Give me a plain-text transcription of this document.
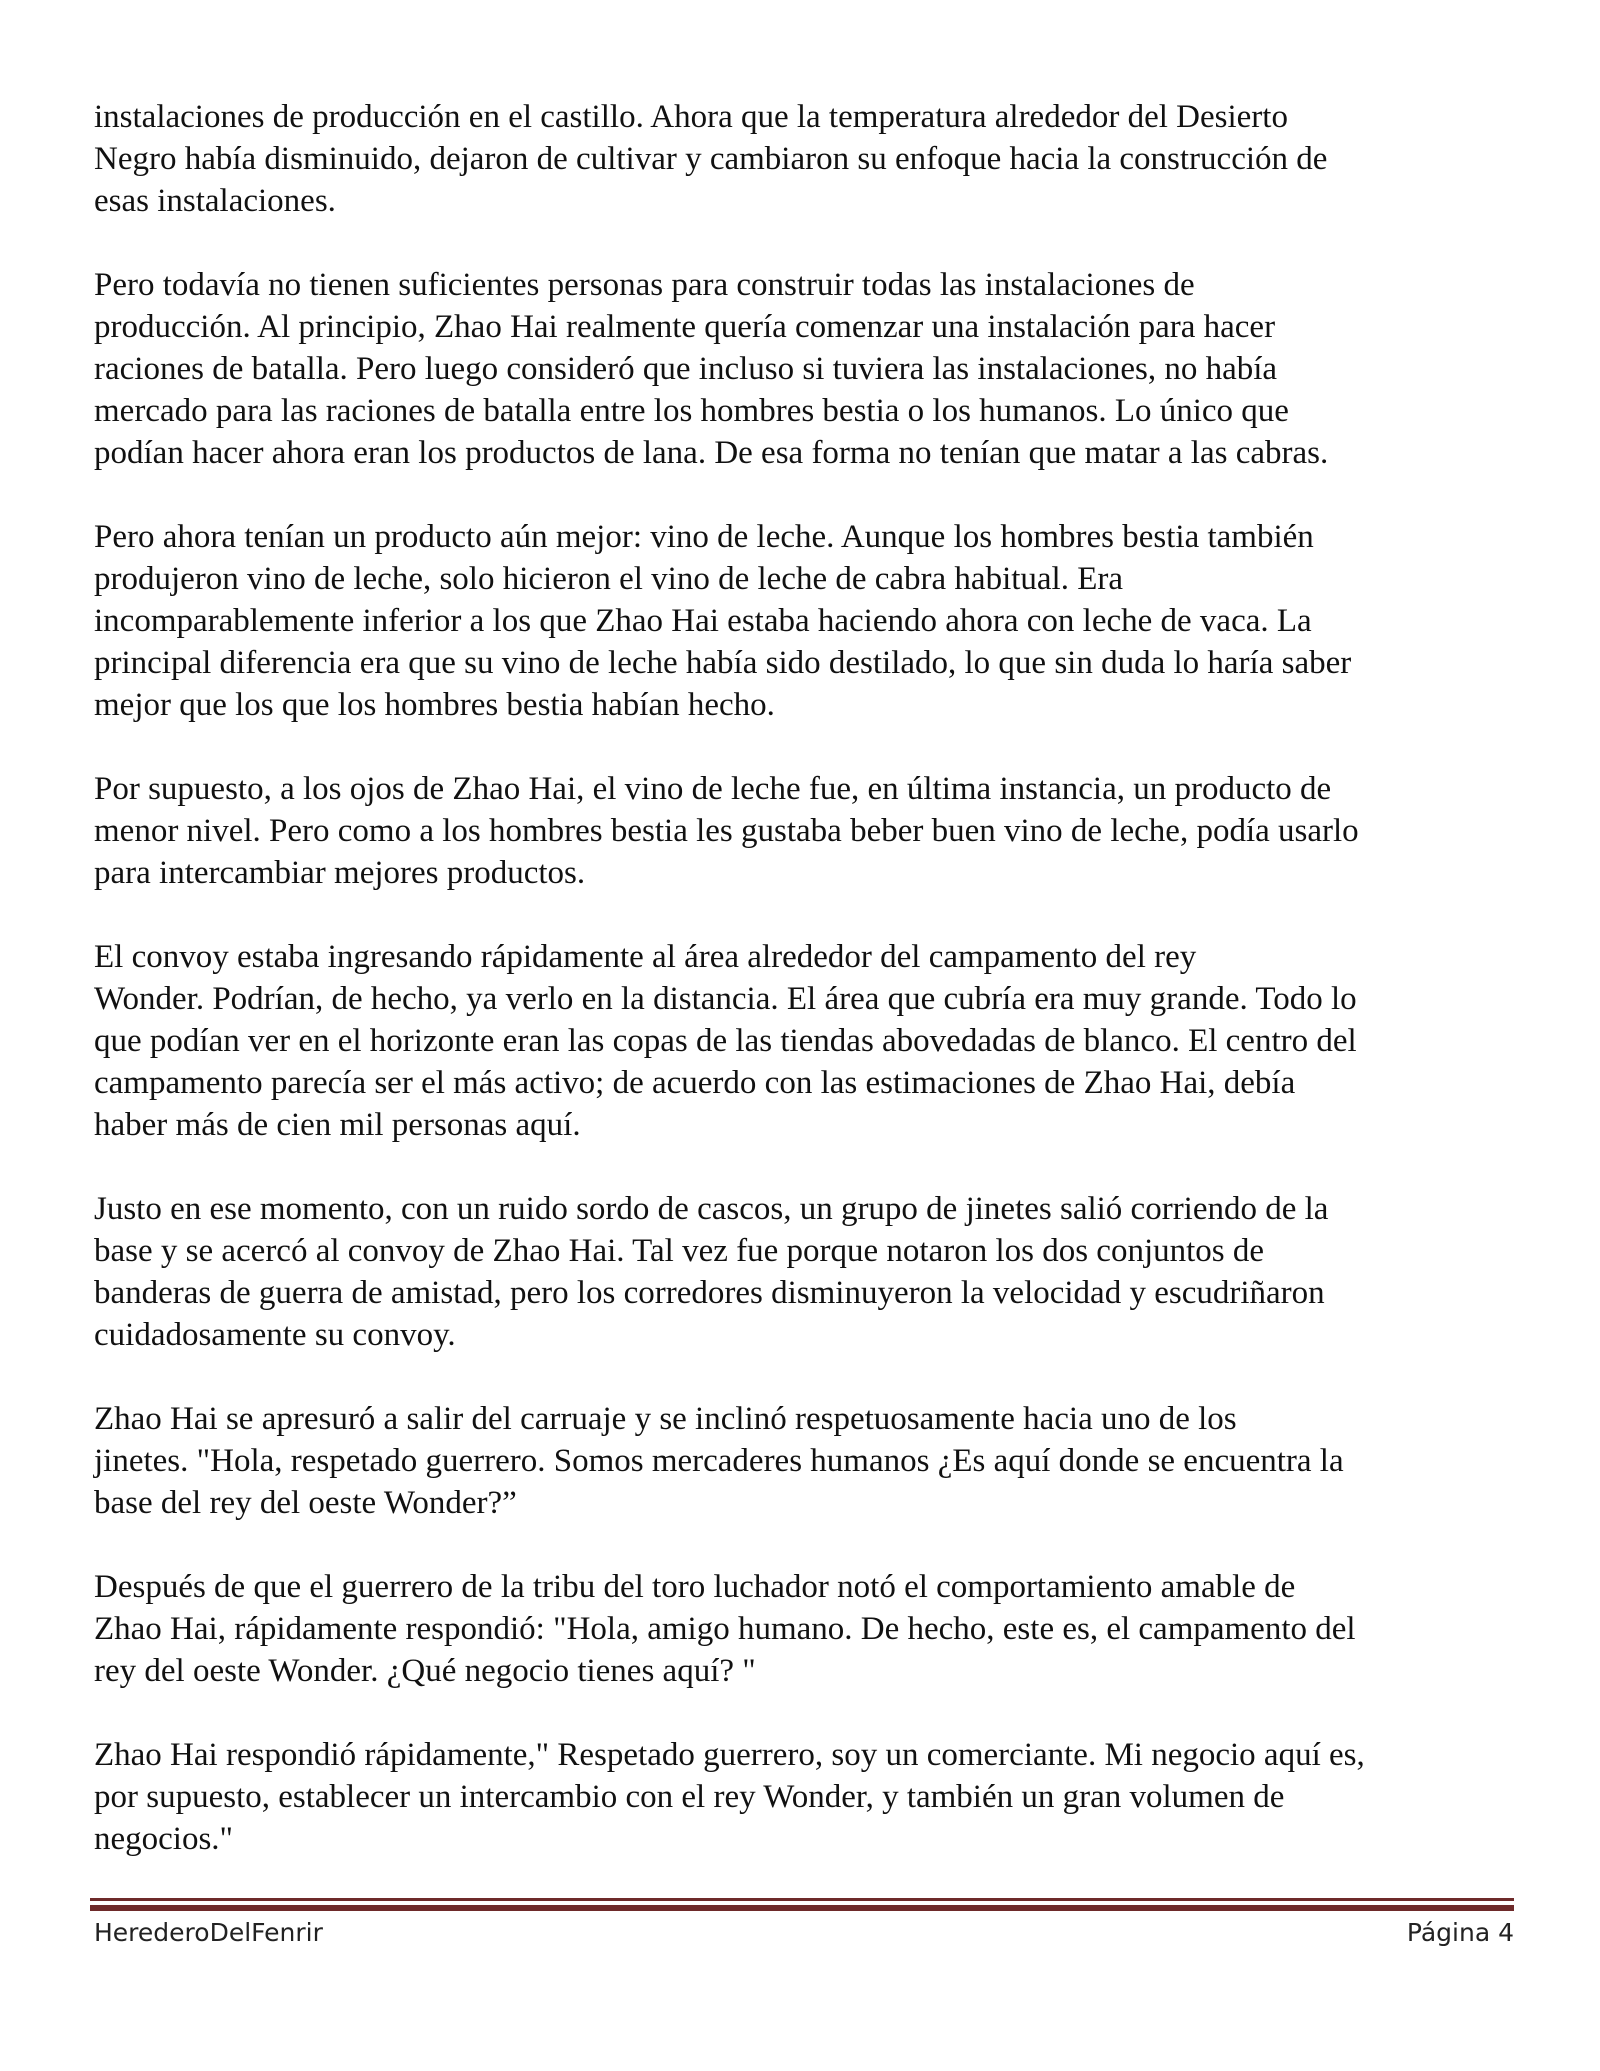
instalaciones de producción en el castillo. Ahora que la temperatura alrededor del Desierto
Negro había disminuido, dejaron de cultivar y cambiaron su enfoque hacia la construcción de
esas instalaciones.

Pero todavía no tienen suficientes personas para construir todas las instalaciones de
producción. Al principio, Zhao Hai realmente quería comenzar una instalación para hacer
raciones de batalla. Pero luego consideró que incluso si tuviera las instalaciones, no había
mercado para las raciones de batalla entre los hombres bestia o los humanos. Lo único que
podían hacer ahora eran los productos de lana. De esa forma no tenían que matar a las cabras.

Pero ahora tenían un producto aún mejor: vino de leche. Aunque los hombres bestia también
produjeron vino de leche, solo hicieron el vino de leche de cabra habitual. Era
incomparablemente inferior a los que Zhao Hai estaba haciendo ahora con leche de vaca. La
principal diferencia era que su vino de leche había sido destilado, lo que sin duda lo haría saber
mejor que los que los hombres bestia habían hecho.

Por supuesto, a los ojos de Zhao Hai, el vino de leche fue, en última instancia, un producto de
menor nivel. Pero como a los hombres bestia les gustaba beber buen vino de leche, podía usarlo
para intercambiar mejores productos.

El convoy estaba ingresando rápidamente al área alrededor del campamento del rey
Wonder. Podrían, de hecho, ya verlo en la distancia. El área que cubría era muy grande. Todo lo
que podían ver en el horizonte eran las copas de las tiendas abovedadas de blanco. El centro del
campamento parecía ser el más activo; de acuerdo con las estimaciones de Zhao Hai, debía
haber más de cien mil personas aquí.

Justo en ese momento, con un ruido sordo de cascos, un grupo de jinetes salió corriendo de la
base y se acercó al convoy de Zhao Hai. Tal vez fue porque notaron los dos conjuntos de
banderas de guerra de amistad, pero los corredores disminuyeron la velocidad y escudriñaron
cuidadosamente su convoy.

Zhao Hai se apresuró a salir del carruaje y se inclinó respetuosamente hacia uno de los
jinetes. "Hola, respetado guerrero. Somos mercaderes humanos ¿Es aquí donde se encuentra la
base del rey del oeste Wonder?”

Después de que el guerrero de la tribu del toro luchador notó el comportamiento amable de
Zhao Hai, rápidamente respondió: "Hola, amigo humano. De hecho, este es, el campamento del
rey del oeste Wonder. ¿Qué negocio tienes aquí? "

Zhao Hai respondió rápidamente," Respetado guerrero, soy un comerciante. Mi negocio aquí es,
por supuesto, establecer un intercambio con el rey Wonder, y también un gran volumen de
negocios."

HerederoDelFenrir	Página 4
